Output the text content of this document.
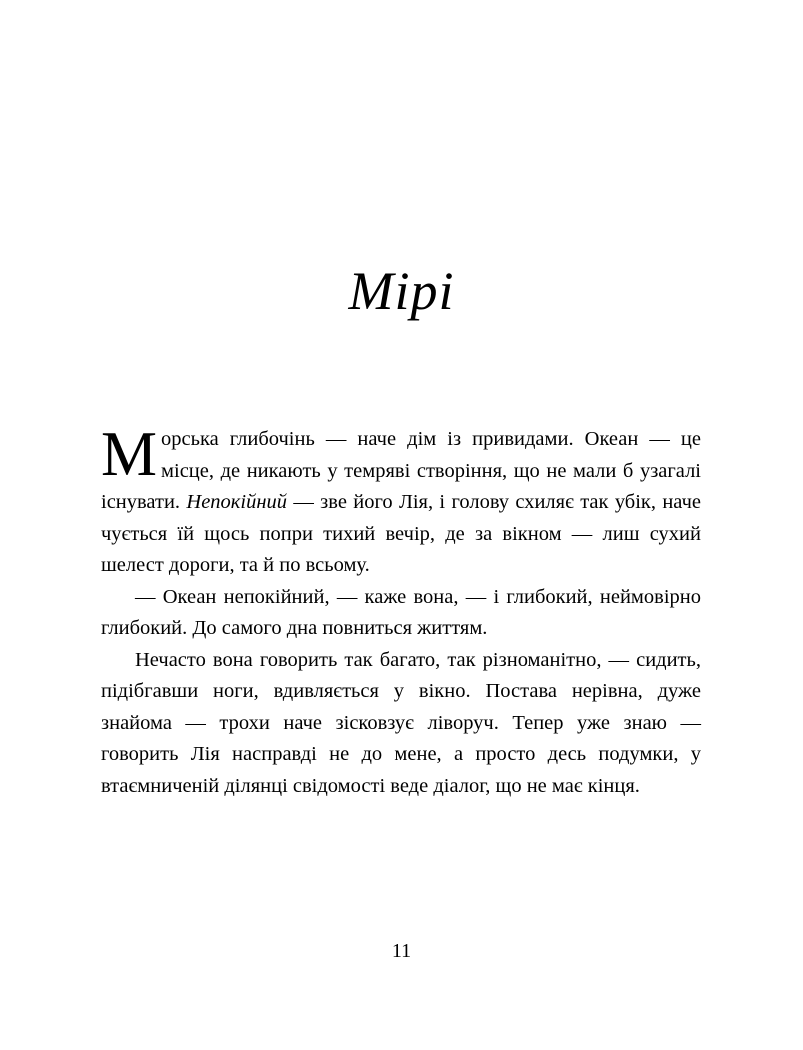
Мірі

Морська глибочінь — наче дім із привидами. Океан — це місце, де никають у темряві створіння, що не мали б узагалі існувати. Непокійний — зве його Лія, і голову схиляє так убік, наче чується їй щось попри тихий вечір, де за вікном — лиш сухий шелест дороги, та й по всьому.

— Океан непокійний, — каже вона, — і глибокий, неймовірно глибокий. До самого дна повниться життям.

Нечасто вона говорить так багато, так різноманітно, — сидить, підібгавши ноги, вдивляється у вікно. Постава нерівна, дуже знайома — трохи наче зісковзує ліворуч. Тепер уже знаю — говорить Лія насправді не до мене, а просто десь подумки, у втаємниченій ділянці свідомості веде діалог, що не має кінця.

11
